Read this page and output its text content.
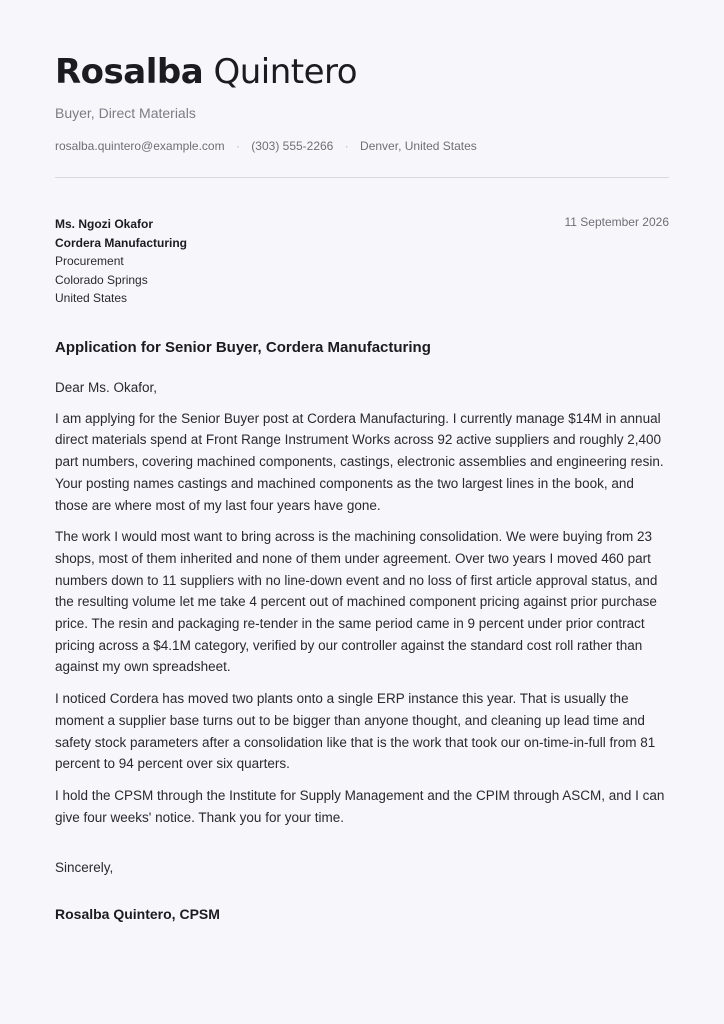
Rosalba Quintero
Buyer, Direct Materials
rosalba.quintero@example.com · (303) 555-2266 · Denver, United States
Ms. Ngozi Okafor
Cordera Manufacturing
Procurement
Colorado Springs
United States
11 September 2026
Application for Senior Buyer, Cordera Manufacturing

Dear Ms. Okafor,

I am applying for the Senior Buyer post at Cordera Manufacturing. I currently manage $14M in annual direct materials spend at Front Range Instrument Works across 92 active suppliers and roughly 2,400 part numbers, covering machined components, castings, electronic assemblies and engineering resin. Your posting names castings and machined components as the two largest lines in the book, and those are where most of my last four years have gone.

The work I would most want to bring across is the machining consolidation. We were buying from 23 shops, most of them inherited and none of them under agreement. Over two years I moved 460 part numbers down to 11 suppliers with no line-down event and no loss of first article approval status, and the resulting volume let me take 4 percent out of machined component pricing against prior purchase price. The resin and packaging re-tender in the same period came in 9 percent under prior contract pricing across a $4.1M category, verified by our controller against the standard cost roll rather than against my own spreadsheet.

I noticed Cordera has moved two plants onto a single ERP instance this year. That is usually the moment a supplier base turns out to be bigger than anyone thought, and cleaning up lead time and safety stock parameters after a consolidation like that is the work that took our on-time-in-full from 81 percent to 94 percent over six quarters.

I hold the CPSM through the Institute for Supply Management and the CPIM through ASCM, and I can give four weeks' notice. Thank you for your time.

Sincerely,
Rosalba Quintero, CPSM
